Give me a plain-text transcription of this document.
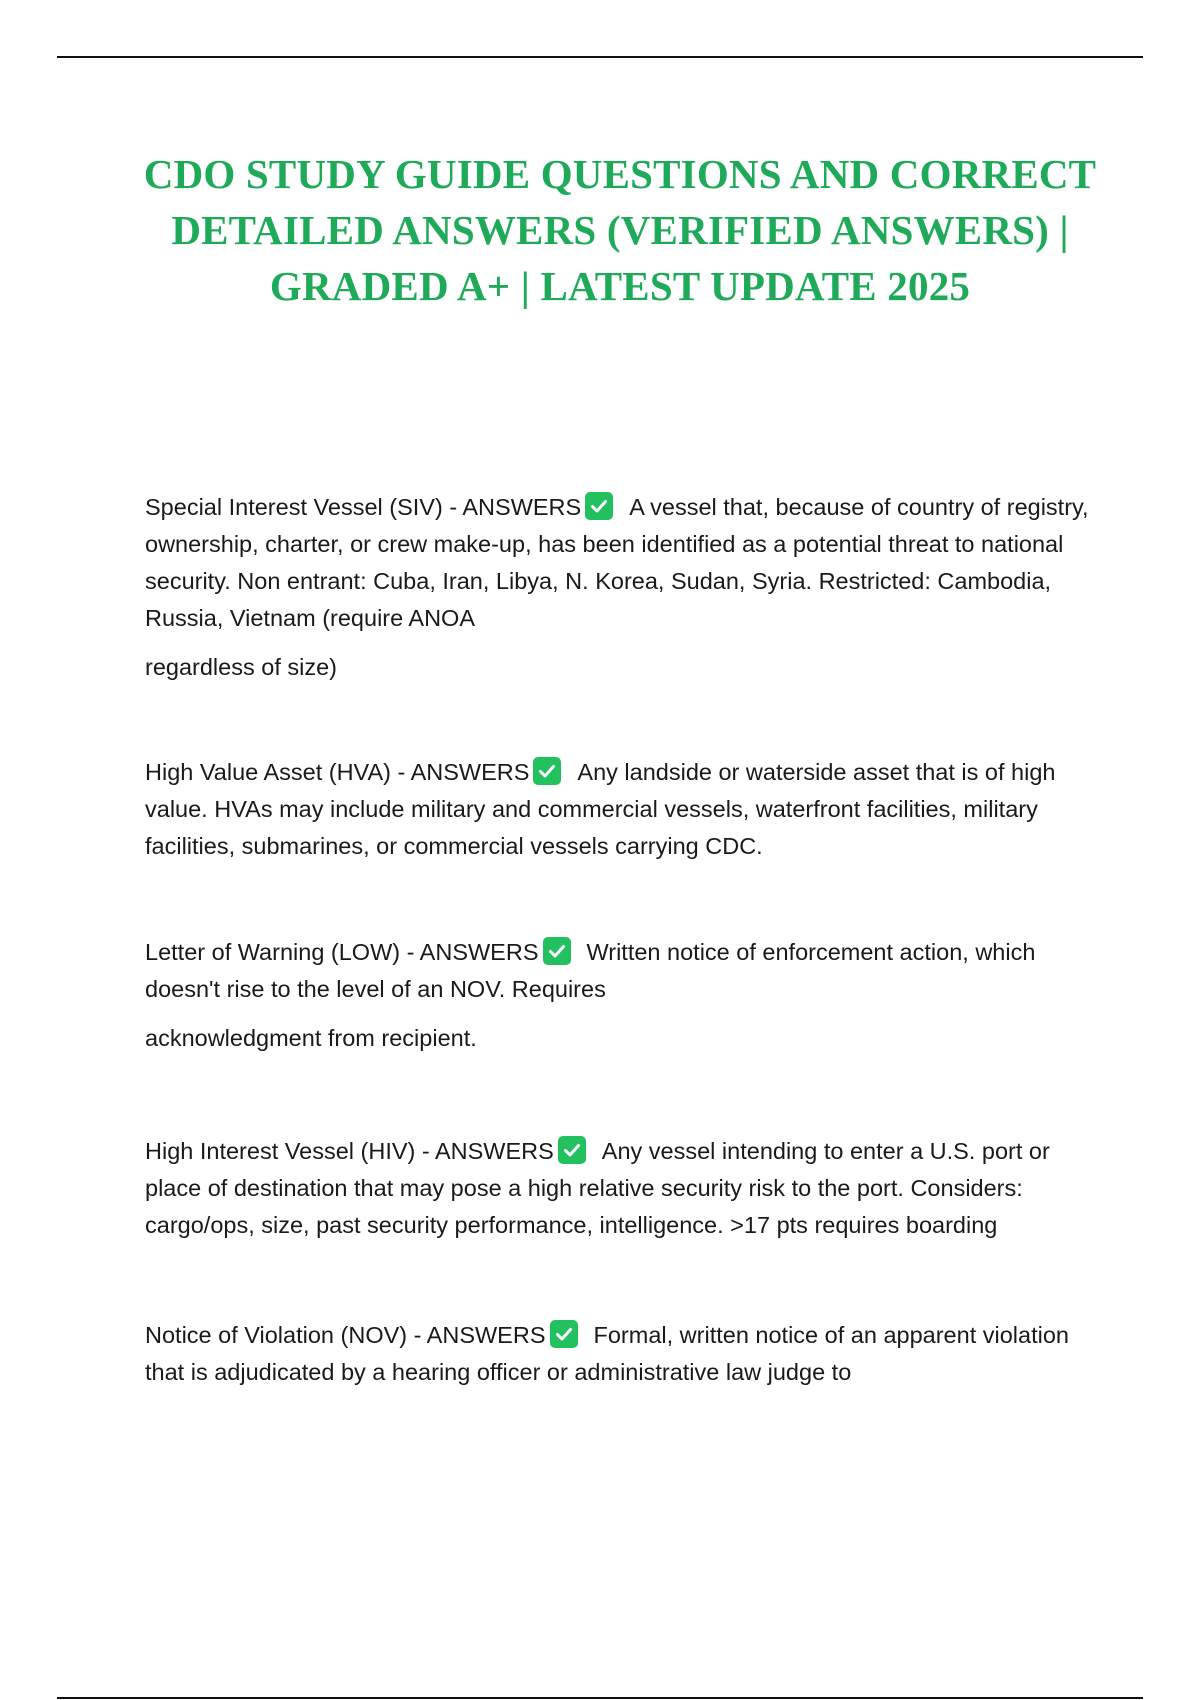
CDO STUDY GUIDE QUESTIONS AND CORRECT DETAILED ANSWERS (VERIFIED ANSWERS) | GRADED A+ | LATEST UPDATE 2025

Special Interest Vessel (SIV) - ANSWERS A vessel that, because of country of registry, ownership, charter, or crew make-up, has been identified as a potential threat to national security. Non entrant: Cuba, Iran, Libya, N. Korea, Sudan, Syria. Restricted: Cambodia, Russia, Vietnam (require ANOA

regardless of size)

High Value Asset (HVA) - ANSWERS Any landside or waterside asset that is of high value. HVAs may include military and commercial vessels, waterfront facilities, military facilities, submarines, or commercial vessels carrying CDC.

Letter of Warning (LOW) - ANSWERS Written notice of enforcement action, which doesn't rise to the level of an NOV. Requires

acknowledgment from recipient.

High Interest Vessel (HIV) - ANSWERS Any vessel intending to enter a U.S. port or place of destination that may pose a high relative security risk to the port. Considers: cargo/ops, size, past security performance, intelligence. >17 pts requires boarding

Notice of Violation (NOV) - ANSWERS Formal, written notice of an apparent violation that is adjudicated by a hearing officer or administrative law judge to
